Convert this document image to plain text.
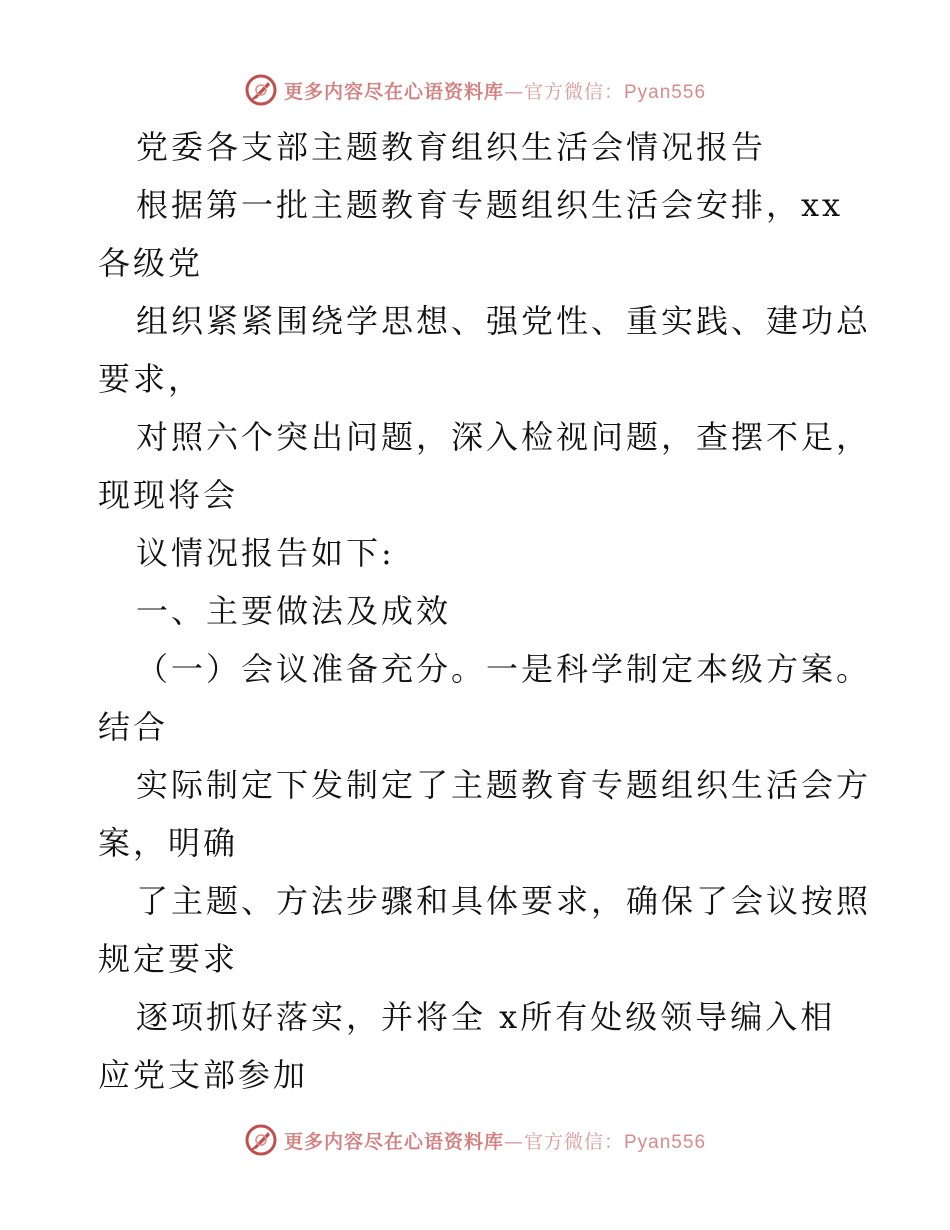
更多内容尽在心语资料库—官方微信：Pyan556
党委各支部主题教育组织生活会情况报告
根据第一批主题教育专题组织生活会安排，xx
各级党
组织紧紧围绕学思想、强党性、重实践、建功总
要求，
对照六个突出问题，深入检视问题，查摆不足，
现现将会
议情况报告如下:
一、主要做法及成效
（一）会议准备充分。一是科学制定本级方案。
结合
实际制定下发制定了主题教育专题组织生活会方
案，明确
了主题、方法步骤和具体要求，确保了会议按照
规定要求
逐项抓好落实，并将全 x所有处级领导编入相
应党支部参加
更多内容尽在心语资料库—官方微信：Pyan556
